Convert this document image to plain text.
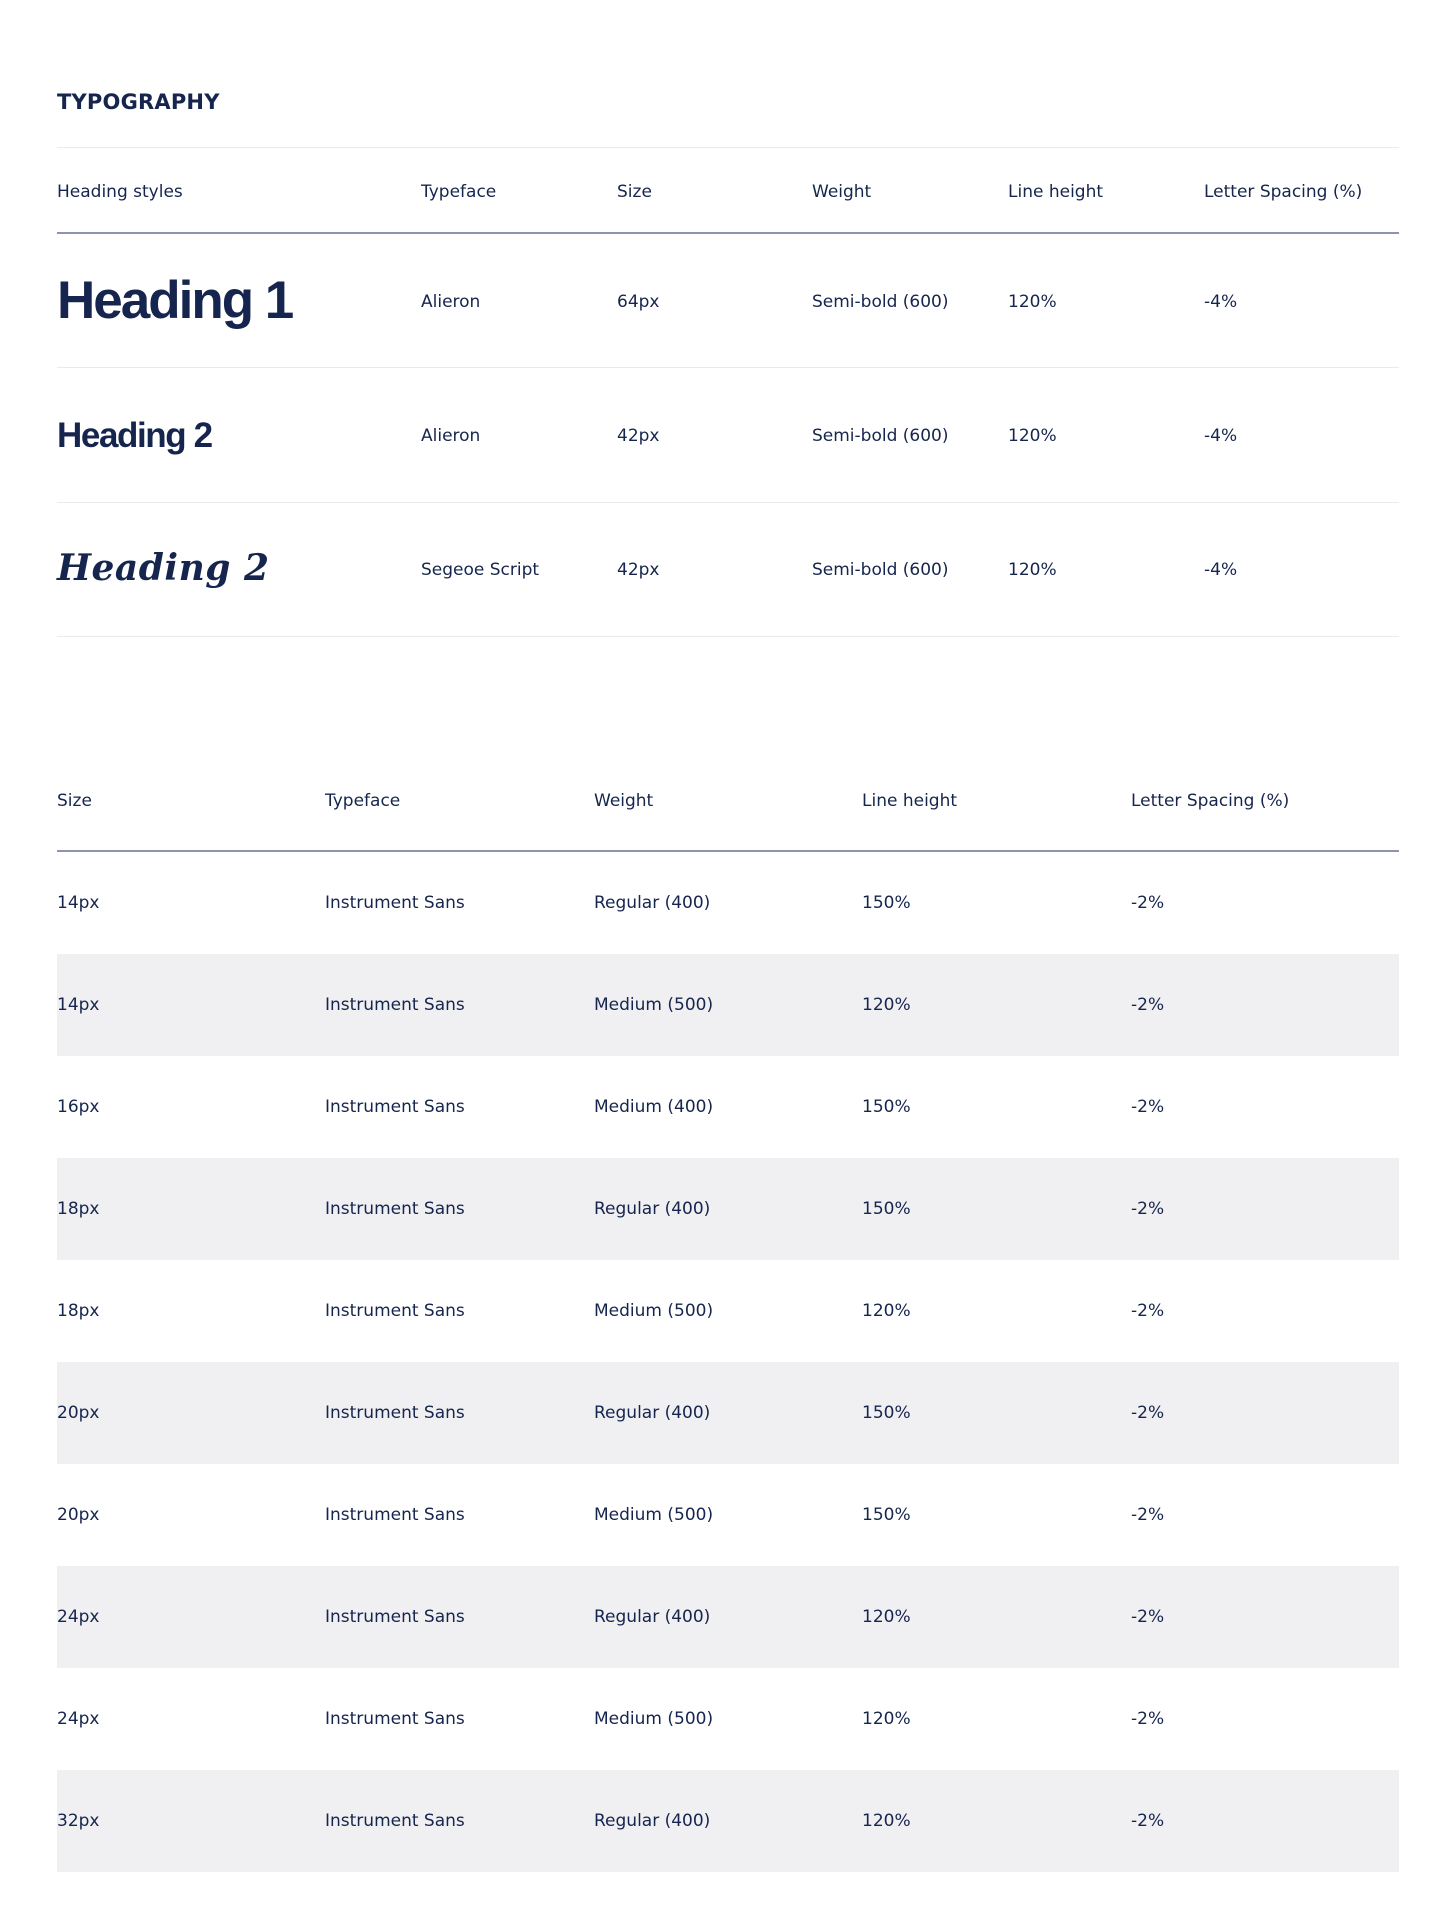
TYPOGRAPHY
Heading styles	Typeface	Size	Weight	Line height	Letter Spacing (%)
Heading 1	Alieron	64px	Semi-bold (600)	120%	-4%
Heading 2	Alieron	42px	Semi-bold (600)	120%	-4%
Heading 2	Segeoe Script	42px	Semi-bold (600)	120%	-4%
Size	Typeface	Weight	Line height	Letter Spacing (%)
14px	Instrument Sans	Regular (400)	150%	-2%
14px	Instrument Sans	Medium (500)	120%	-2%
16px	Instrument Sans	Medium (400)	150%	-2%
18px	Instrument Sans	Regular (400)	150%	-2%
18px	Instrument Sans	Medium (500)	120%	-2%
20px	Instrument Sans	Regular (400)	150%	-2%
20px	Instrument Sans	Medium (500)	150%	-2%
24px	Instrument Sans	Regular (400)	120%	-2%
24px	Instrument Sans	Medium (500)	120%	-2%
32px	Instrument Sans	Regular (400)	120%	-2%
